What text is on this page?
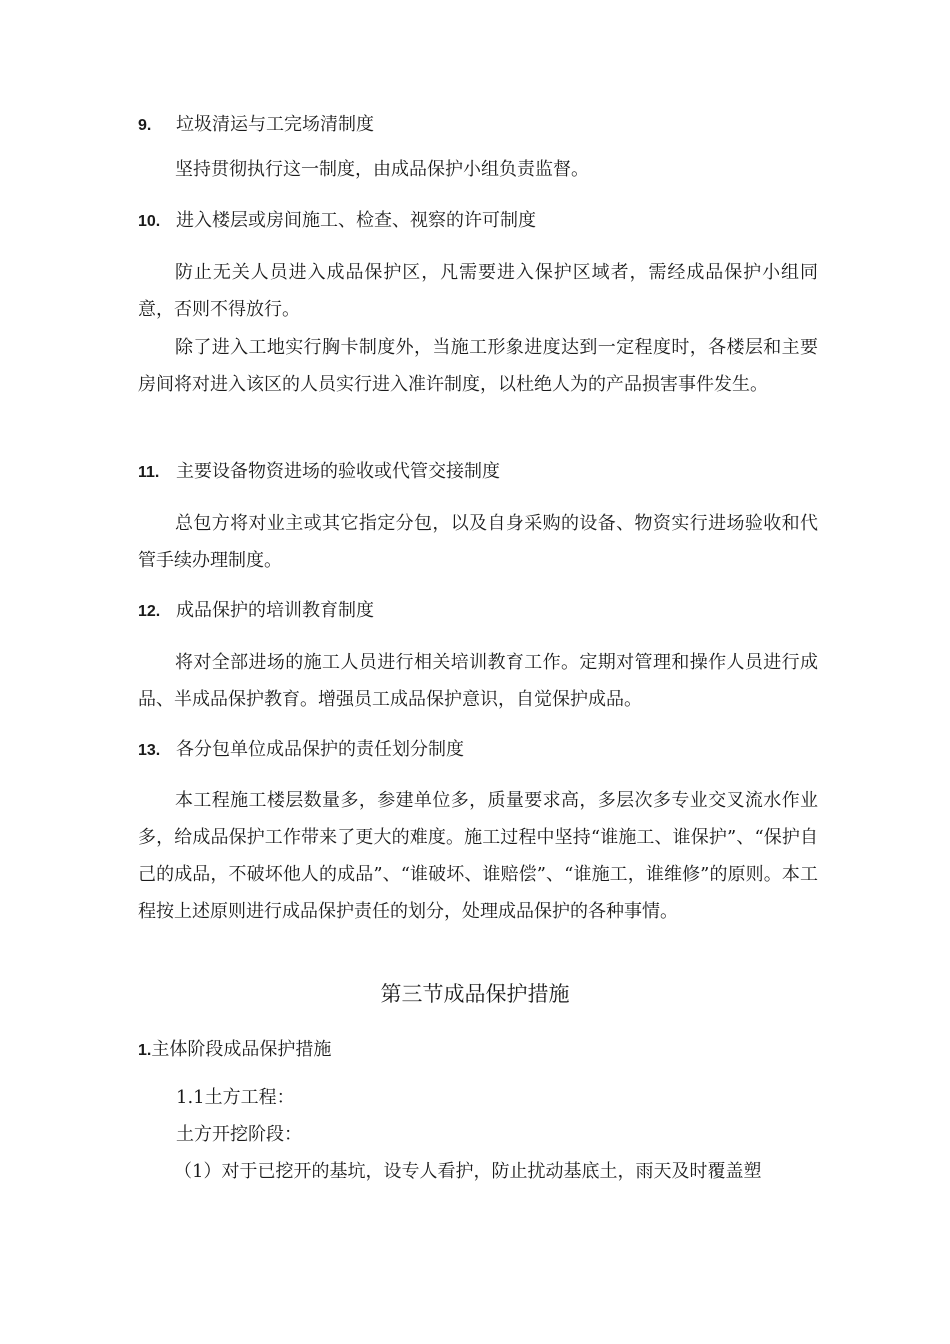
9.	垃圾清运与工完场清制度
坚持贯彻执行这一制度，由成品保护小组负责监督。
10. 进入楼层或房间施工、检查、视察的许可制度
防止无关人员进入成品保护区，凡需要进入保护区域者，需经成品保护小组同意，否则不得放行。
除了进入工地实行胸卡制度外，当施工形象进度达到一定程度时，各楼层和主要房间将对进入该区的人员实行进入准许制度，以杜绝人为的产品损害事件发生。
11. 主要设备物资进场的验收或代管交接制度
总包方将对业主或其它指定分包，以及自身采购的设备、物资实行进场验收和代管手续办理制度。
12. 成品保护的培训教育制度
将对全部进场的施工人员进行相关培训教育工作。定期对管理和操作人员进行成品、半成品保护教育。增强员工成品保护意识，自觉保护成品。
13. 各分包单位成品保护的责任划分制度
本工程施工楼层数量多，参建单位多，质量要求高，多层次多专业交叉流水作业多，给成品保护工作带来了更大的难度。施工过程中坚持“谁施工、谁保护”、“保护自己的成品，不破坏他人的成品”、“谁破坏、谁赔偿”、“谁施工，谁维修”的原则。本工程按上述原则进行成品保护责任的划分，处理成品保护的各种事情。
第三节成品保护措施
1.主体阶段成品保护措施
1.1土方工程：
土方开挖阶段：
（1）对于已挖开的基坑，设专人看护，防止扰动基底土，雨天及时覆盖塑
